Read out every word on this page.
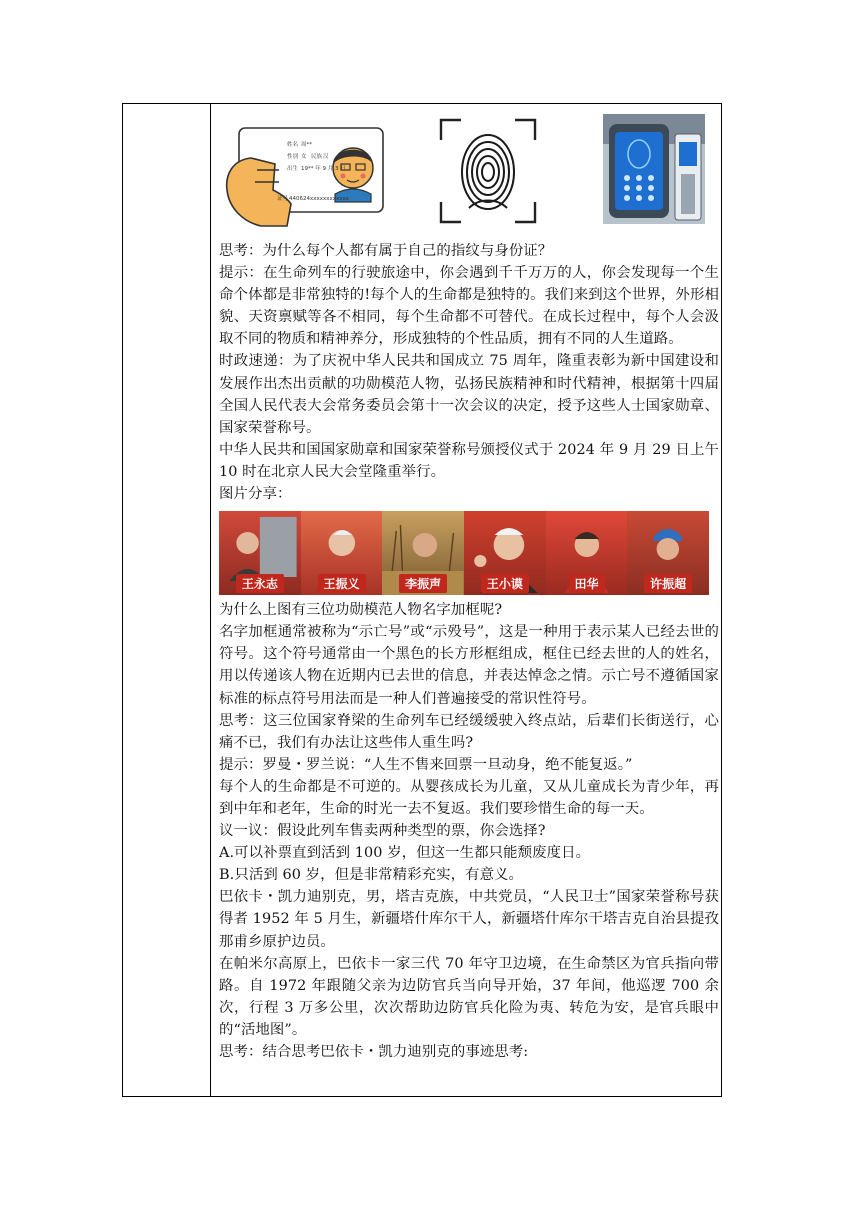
姓名 周**
性别 女 民族 汉
出生 19** 年 9 月 3 日
证号 440624xxxxxxxxxxxx

思考：为什么每个人都有属于自己的指纹与身份证？

提示：在生命列车的行驶旅途中，你会遇到千千万万的人，你会发现每一个生命个体都是非常独特的!每个人的生命都是独特的。我们来到这个世界，外形相貌、天资禀赋等各不相同，每个生命都不可替代。在成长过程中，每个人会汲取不同的物质和精神养分，形成独特的个性品质，拥有不同的人生道路。

时政速递：为了庆祝中华人民共和国成立 75 周年，隆重表彰为新中国建设和发展作出杰出贡献的功勋模范人物，弘扬民族精神和时代精神，根据第十四届全国人民代表大会常务委员会第十一次会议的决定，授予这些人士国家勋章、国家荣誉称号。

中华人民共和国国家勋章和国家荣誉称号颁授仪式于 2024 年 9 月 29 日上午 10 时在北京人民大会堂隆重举行。

图片分享：

王永志	王振义	李振声	王小谟	田华	许振超

为什么上图有三位功勋模范人物名字加框呢?

名字加框通常被称为“示亡号”或“示殁号”，这是一种用于表示某人已经去世的符号。这个符号通常由一个黑色的长方形框组成，框住已经去世的人的姓名，用以传递该人物在近期内已去世的信息，并表达悼念之情。示亡号不遵循国家标准的标点符号用法而是一种人们普遍接受的常识性符号。

思考：这三位国家脊梁的生命列车已经缓缓驶入终点站，后辈们长街送行，心痛不已，我们有办法让这些伟人重生吗?

提示：罗曼・罗兰说：“人生不售来回票一旦动身，绝不能复返。”

每个人的生命都是不可逆的。从婴孩成长为儿童，又从儿童成长为青少年，再到中年和老年，生命的时光一去不复返。我们要珍惜生命的每一天。

议一议：假设此列车售卖两种类型的票，你会选择?

A.可以补票直到活到 100 岁，但这一生都只能颓废度日。

B.只活到 60 岁，但是非常精彩充实，有意义。

巴依卡・凯力迪别克，男，塔吉克族，中共党员，“人民卫士”国家荣誉称号获得者 1952 年 5 月生，新疆塔什库尔干人，新疆塔什库尔干塔吉克自治县提孜那甫乡原护边员。

在帕米尔高原上，巴依卡一家三代 70 年守卫边境，在生命禁区为官兵指向带路。自 1972 年跟随父亲为边防官兵当向导开始，37 年间，他巡逻 700 余次，行程 3 万多公里，次次帮助边防官兵化险为夷、转危为安，是官兵眼中的“活地图”。

思考：结合思考巴依卡・凯力迪别克的事迹思考:
